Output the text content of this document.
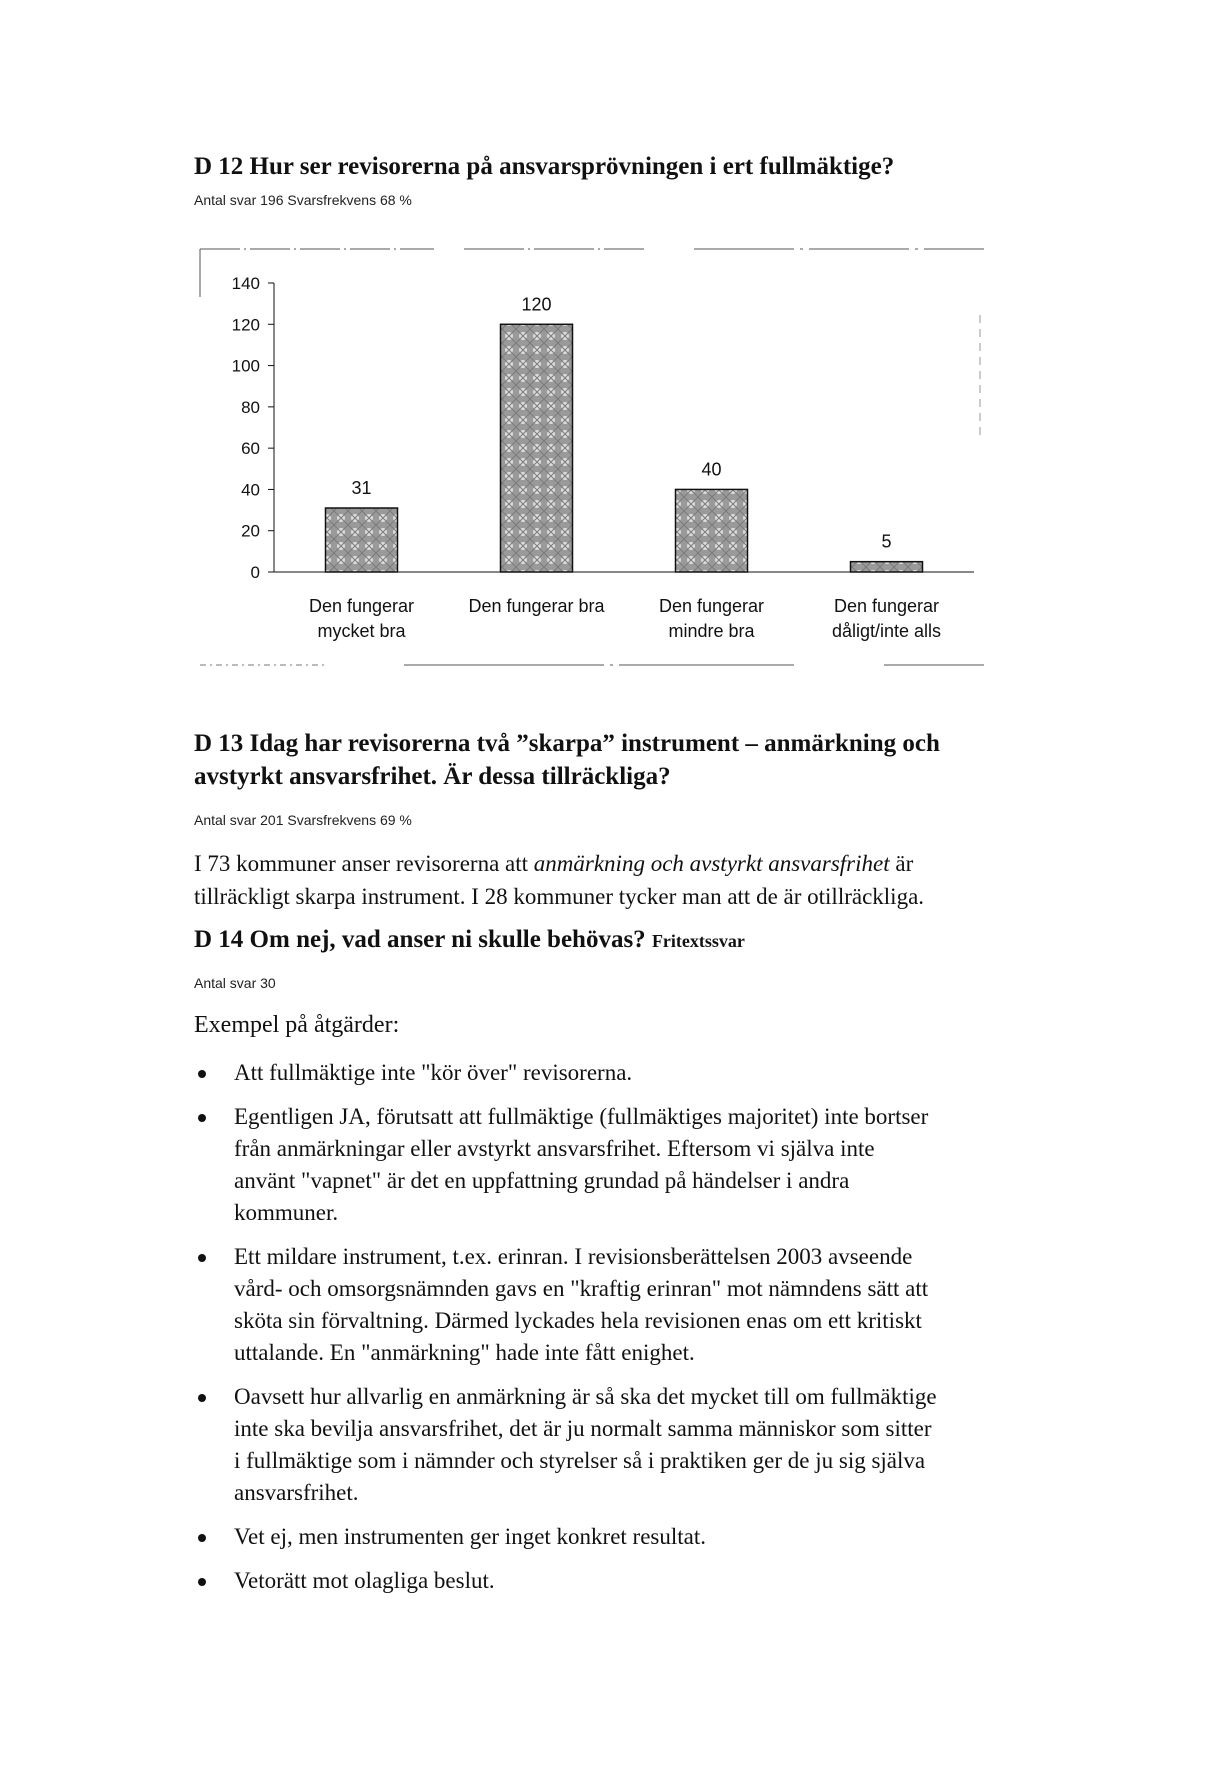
D 12 Hur ser revisorerna på ansvarsprövningen i ert fullmäktige?

Antal svar 196 Svarsfrekvens 68 %

0
20
40
60
80
100
120
140
31
120
40
5
Den fungerar
mycket bra
Den fungerar bra	Den fungerar
mindre bra
Den fungerar
dåligt/inte alls
D 13 Idag har revisorerna två ”skarpa” instrument – anmärkning och
avstyrkt ansvarsfrihet. Är dessa tillräckliga?

Antal svar 201 Svarsfrekvens 69 %

I 73 kommuner anser revisorerna att anmärkning och avstyrkt ansvarsfrihet är
tillräckligt skarpa instrument. I 28 kommuner tycker man att de är otillräckliga.

D 14 Om nej, vad anser ni skulle behövas? Fritextssvar

Antal svar 30

Exempel på åtgärder:

Att fullmäktige inte "kör över" revisorerna.
Egentligen JA, förutsatt att fullmäktige (fullmäktiges majoritet) inte bortser
från anmärkningar eller avstyrkt ansvarsfrihet. Eftersom vi själva inte
använt "vapnet" är det en uppfattning grundad på händelser i andra
kommuner.
Ett mildare instrument, t.ex. erinran. I revisionsberättelsen 2003 avseende
vård- och omsorgsnämnden gavs en "kraftig erinran" mot nämndens sätt att
sköta sin förvaltning. Därmed lyckades hela revisionen enas om ett kritiskt
uttalande. En "anmärkning" hade inte fått enighet.
Oavsett hur allvarlig en anmärkning är så ska det mycket till om fullmäktige
inte ska bevilja ansvarsfrihet, det är ju normalt samma människor som sitter
i fullmäktige som i nämnder och styrelser så i praktiken ger de ju sig själva
ansvarsfrihet.
Vet ej, men instrumenten ger inget konkret resultat.
Vetorätt mot olagliga beslut.
